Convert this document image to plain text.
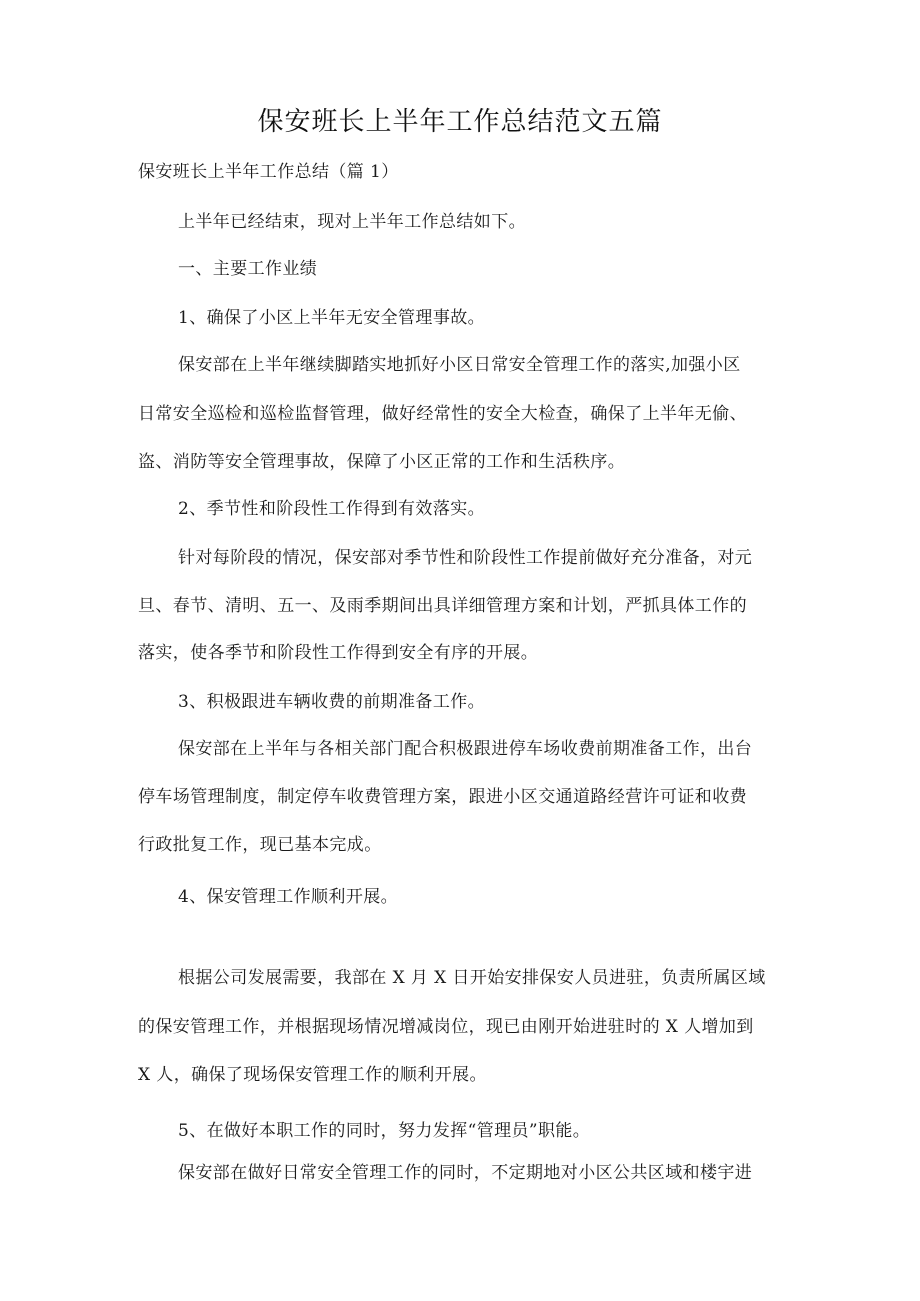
保安班长上半年工作总结范文五篇
保安班长上半年工作总结（篇 1）
上半年已经结束，现对上半年工作总结如下。
一、主要工作业绩
1、确保了小区上半年无安全管理事故。
保安部在上半年继续脚踏实地抓好小区日常安全管理工作的落实,加强小区
日常安全巡检和巡检监督管理，做好经常性的安全大检查，确保了上半年无偷、
盗、消防等安全管理事故，保障了小区正常的工作和生活秩序。
2、季节性和阶段性工作得到有效落实。
针对每阶段的情况，保安部对季节性和阶段性工作提前做好充分准备，对元
旦、春节、清明、五一、及雨季期间出具详细管理方案和计划，严抓具体工作的
落实，使各季节和阶段性工作得到安全有序的开展。
3、积极跟进车辆收费的前期准备工作。
保安部在上半年与各相关部门配合积极跟进停车场收费前期准备工作，出台
停车场管理制度，制定停车收费管理方案，跟进小区交通道路经营许可证和收费
行政批复工作，现已基本完成。
4、保安管理工作顺利开展。
根据公司发展需要，我部在 X 月 X 日开始安排保安人员进驻，负责所属区域
的保安管理工作，并根据现场情况增减岗位，现已由刚开始进驻时的 X 人增加到
X 人，确保了现场保安管理工作的顺利开展。
5、在做好本职工作的同时，努力发挥“管理员”职能。
保安部在做好日常安全管理工作的同时，不定期地对小区公共区域和楼宇进
